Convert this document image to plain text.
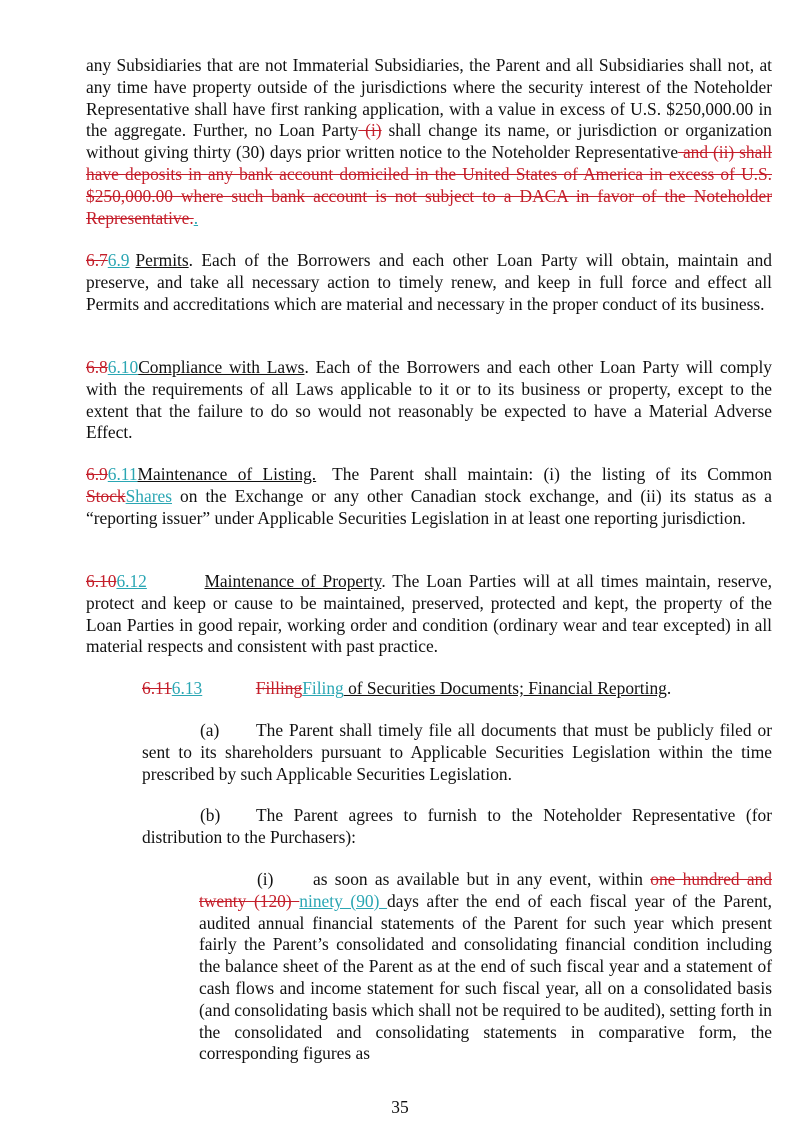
any Subsidiaries that are not Immaterial Subsidiaries, the Parent and all Subsidiaries shall not, at any time have property outside of the jurisdictions where the security interest of the Noteholder Representative shall have first ranking application, with a value in excess of U.S. $250,000.00 in the aggregate. Further, no Loan Party (i) shall change its name, or jurisdiction or organization without giving thirty (30) days prior written notice to the Noteholder Representative and (ii) shall have deposits in any bank account domiciled in the United States of America in excess of U.S. $250,000.00 where such bank account is not subject to a DACA in favor of the Noteholder Representative..

6.76.9 Permits. Each of the Borrowers and each other Loan Party will obtain, maintain and preserve, and take all necessary action to timely renew, and keep in full force and effect all Permits and accreditations which are material and necessary in the proper conduct of its business.

6.86.10Compliance with Laws. Each of the Borrowers and each other Loan Party will comply with the requirements of all Laws applicable to it or to its business or property, except to the extent that the failure to do so would not reasonably be expected to have a Material Adverse Effect.

6.96.11Maintenance of Listing. The Parent shall maintain: (i) the listing of its Common StockShares on the Exchange or any other Canadian stock exchange, and (ii) its status as a “reporting issuer” under Applicable Securities Legislation in at least one reporting jurisdiction.

6.106.12	Maintenance of Property. The Loan Parties will at all times maintain, reserve, protect and keep or cause to be maintained, preserved, protected and kept, the property of the Loan Parties in good repair, working order and condition (ordinary wear and tear excepted) in all material respects and consistent with past practice.

6.116.13	FillingFiling of Securities Documents; Financial Reporting.

(a) The Parent shall timely file all documents that must be publicly filed or sent to its shareholders pursuant to Applicable Securities Legislation within the time prescribed by such Applicable Securities Legislation.

(b) The Parent agrees to furnish to the Noteholder Representative (for distribution to the Purchasers):

(i) as soon as available but in any event, within one hundred and twenty (120) ninety (90) days after the end of each fiscal year of the Parent, audited annual financial statements of the Parent for such year which present fairly the Parent’s consolidated and consolidating financial condition including the balance sheet of the Parent as at the end of such fiscal year and a statement of cash flows and income statement for such fiscal year, all on a consolidated basis (and consolidating basis which shall not be required to be audited), setting forth in the consolidated and consolidating statements in comparative form, the corresponding figures as

35
